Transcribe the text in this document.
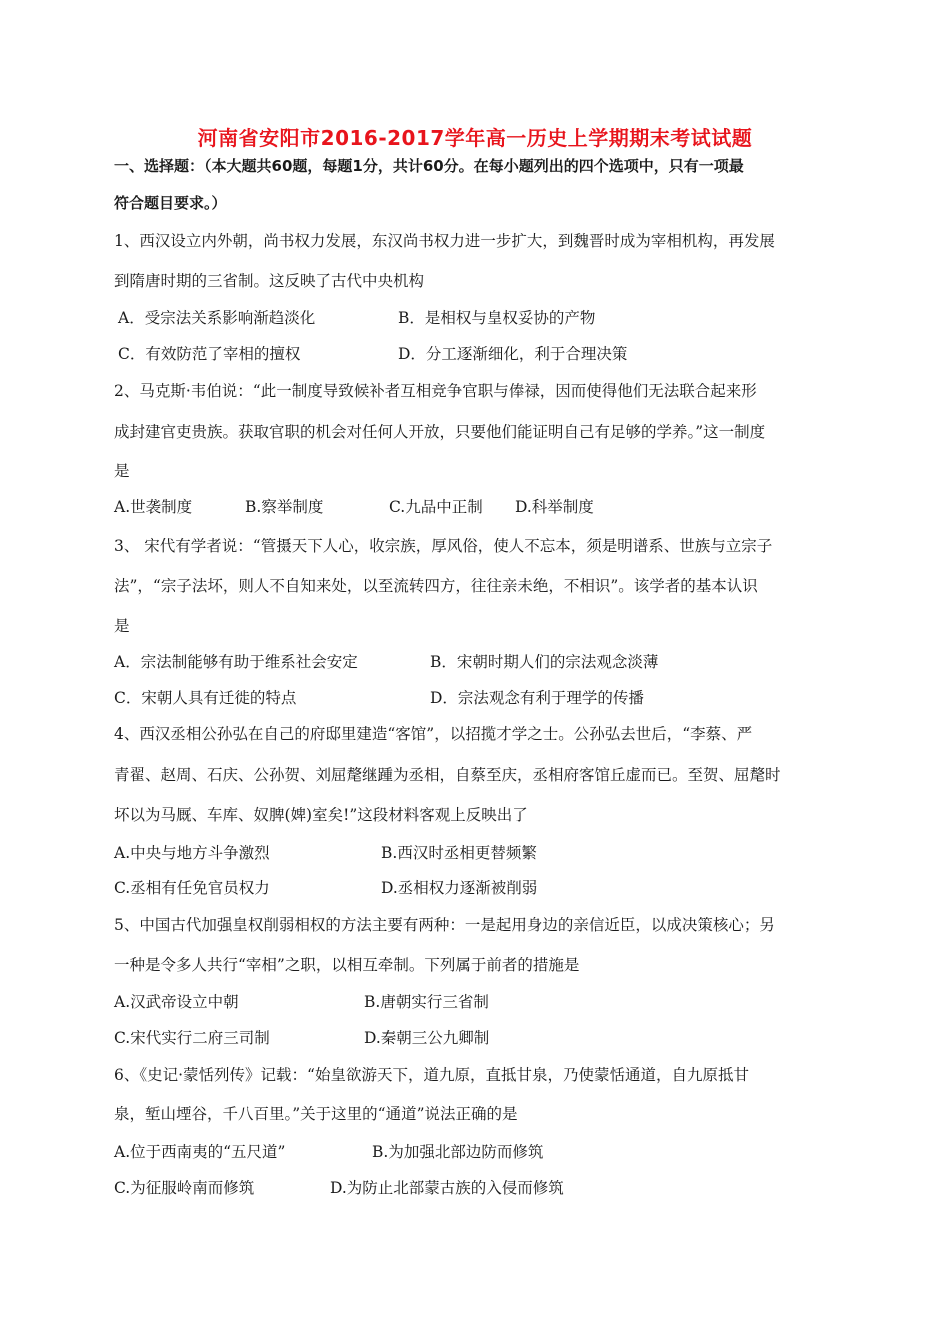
河南省安阳市2016-2017学年高一历史上学期期末考试试题
一、选择题：（本大题共60题，每题1分，共计60分。在每小题列出的四个选项中，只有一项最
符合题目要求。）
1、西汉设立内外朝，尚书权力发展，东汉尚书权力进一步扩大，到魏晋时成为宰相机构，再发展
到隋唐时期的三省制。这反映了古代中央机构
A．受宗法关系影响渐趋淡化	B．是相权与皇权妥协的产物
C．有效防范了宰相的擅权	D．分工逐渐细化，利于合理决策
2、马克斯·韦伯说：“此一制度导致候补者互相竞争官职与俸禄，因而使得他们无法联合起来形
成封建官吏贵族。获取官职的机会对任何人开放，只要他们能证明自己有足够的学养。”这一制度
是
A.世袭制度	B.察举制度	C.九品中正制 D.科举制度
3、 宋代有学者说：“管摄天下人心，收宗族，厚风俗，使人不忘本，须是明谱系、世族与立宗子
法”，“宗子法坏，则人不自知来处，以至流转四方，往往亲未绝，不相识”。该学者的基本认识
是
A．宗法制能够有助于维系社会安定	B．宋朝时期人们的宗法观念淡薄
C．宋朝人具有迁徙的特点	D．宗法观念有利于理学的传播
4、西汉丞相公孙弘在自己的府邸里建造“客馆”，以招揽才学之士。公孙弘去世后，“李蔡、严
青翟、赵周、石庆、公孙贺、刘屈氂继踵为丞相，自蔡至庆，丞相府客馆丘虚而已。至贺、屈氂时
坏以为马厩、车库、奴脾(婢)室矣!”这段材料客观上反映出了
A.中央与地方斗争激烈	B.西汉时丞相更替频繁
C.丞相有任免官员权力	D.丞相权力逐渐被削弱
5、中国古代加强皇权削弱相权的方法主要有两种：一是起用身边的亲信近臣，以成决策核心；另
一种是令多人共行“宰相”之职，以相互牵制。下列属于前者的措施是
A.汉武帝设立中朝	B.唐朝实行三省制
C.宋代实行二府三司制	D.秦朝三公九卿制
6、《史记·蒙恬列传》记载：“始皇欲游天下，道九原，直抵甘泉，乃使蒙恬通道，自九原抵甘
泉，堑山堙谷，千八百里。”关于这里的“通道”说法正确的是
A.位于西南夷的“五尺道”	B.为加强北部边防而修筑
C.为征服岭南而修筑	D.为防止北部蒙古族的入侵而修筑
